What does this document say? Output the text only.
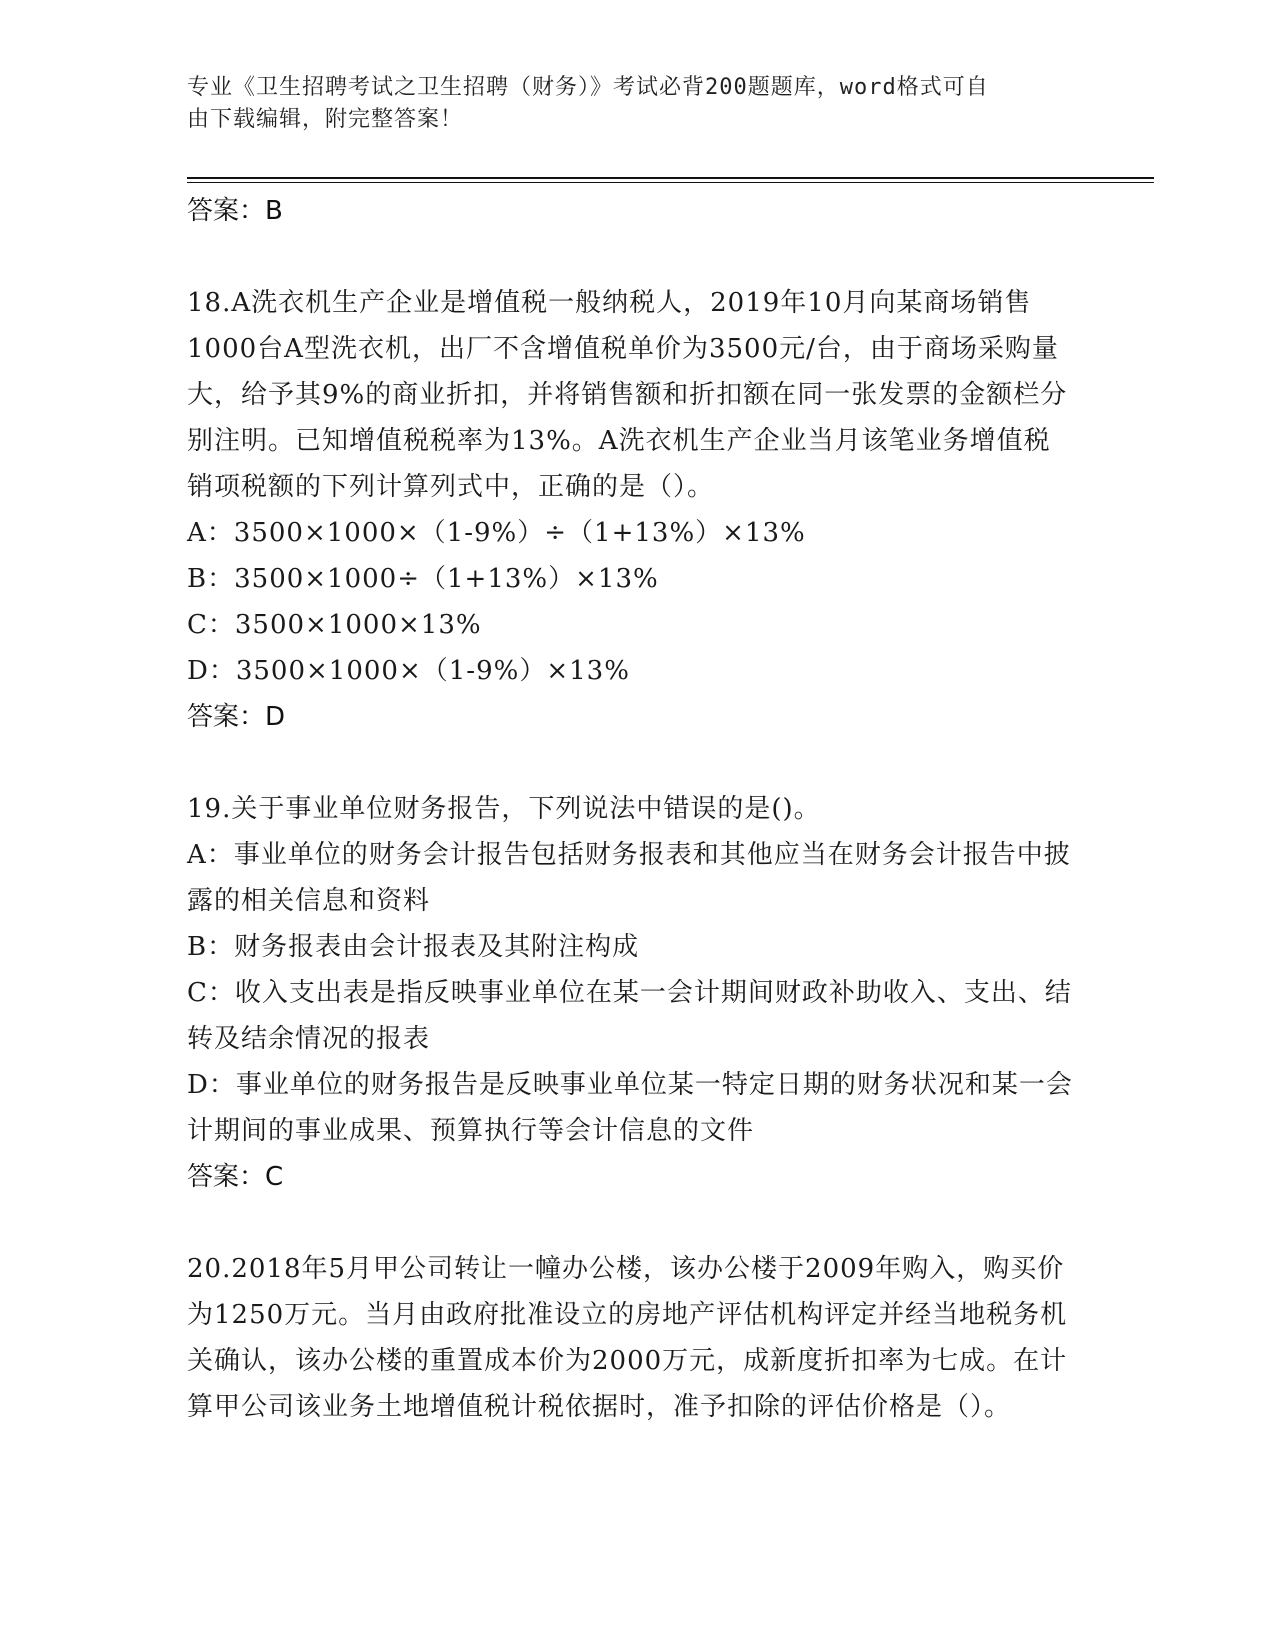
专业《卫生招聘考试之卫生招聘（财务）》考试必背200题题库，word格式可自
由下载编辑，附完整答案！

答案：B

18.A洗衣机生产企业是增值税一般纳税人，2019年10月向某商场销售1000台A型洗衣机，出厂不含增值税单价为3500元/台，由于商场采购量大，给予其9%的商业折扣，并将销售额和折扣额在同一张发票的金额栏分别注明。已知增值税税率为13%。A洗衣机生产企业当月该笔业务增值税销项税额的下列计算列式中，正确的是（）。

A：3500×1000×（1-9%）÷（1+13%）×13%

B：3500×1000÷（1+13%）×13%

C：3500×1000×13%

D：3500×1000×（1-9%）×13%

答案：D

19.关于事业单位财务报告，下列说法中错误的是()。

A：事业单位的财务会计报告包括财务报表和其他应当在财务会计报告中披露的相关信息和资料

B：财务报表由会计报表及其附注构成

C：收入支出表是指反映事业单位在某一会计期间财政补助收入、支出、结转及结余情况的报表

D：事业单位的财务报告是反映事业单位某一特定日期的财务状况和某一会计期间的事业成果、预算执行等会计信息的文件

答案：C

20.2018年5月甲公司转让一幢办公楼，该办公楼于2009年购入，购买价为1250万元。当月由政府批准设立的房地产评估机构评定并经当地税务机关确认，该办公楼的重置成本价为2000万元，成新度折扣率为七成。在计算甲公司该业务土地增值税计税依据时，准予扣除的评估价格是（）。
